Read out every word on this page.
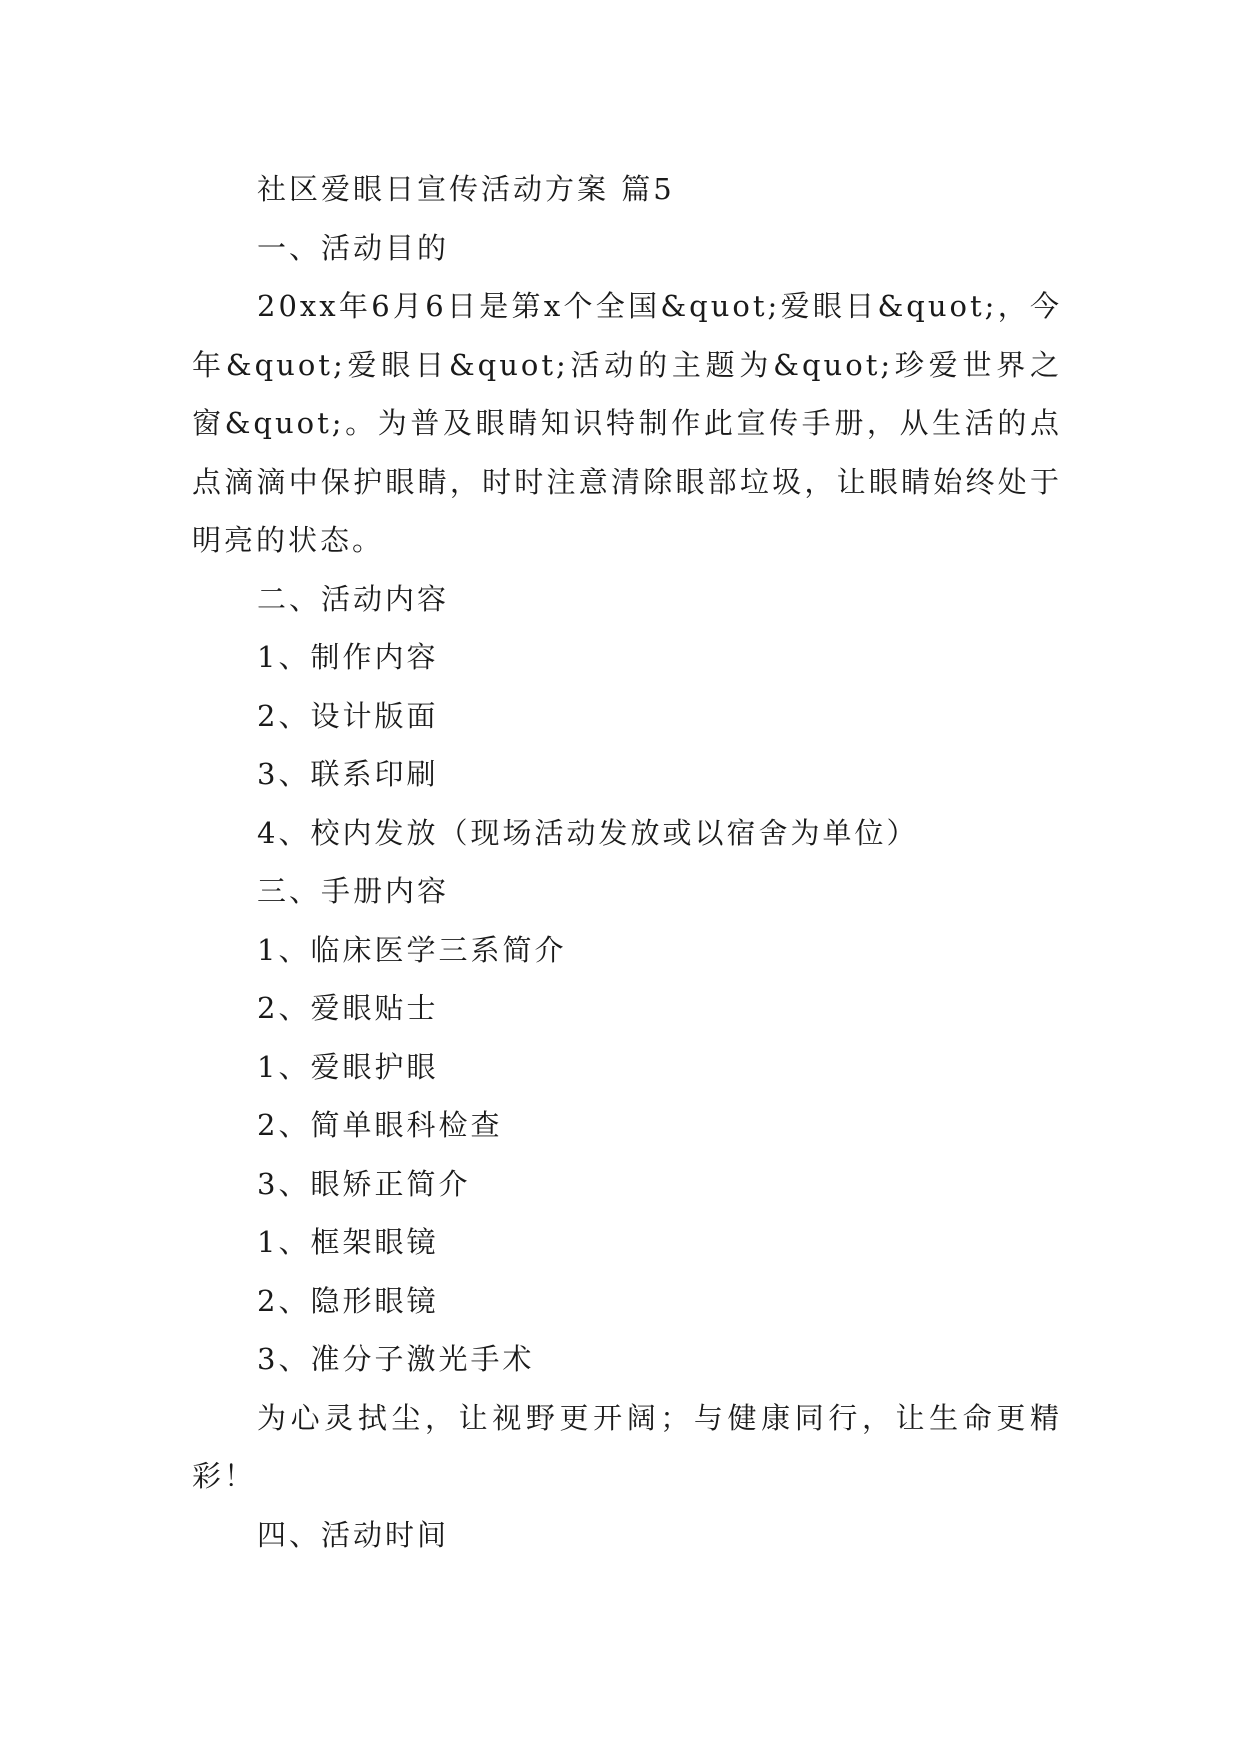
社区爱眼日宣传活动方案 篇5
一、活动目的

20xx年6月6日是第x个全国&quot;爱眼日&quot;，今年&quot;爱眼日&quot;活动的主题为&quot;珍爱世界之窗&quot;。为普及眼睛知识特制作此宣传手册，从生活的点点滴滴中保护眼睛，时时注意清除眼部垃圾，让眼睛始终处于明亮的状态。

二、活动内容
1、制作内容
2、设计版面
3、联系印刷
4、校内发放（现场活动发放或以宿舍为单位）
三、手册内容
1、临床医学三系简介
2、爱眼贴士
1、爱眼护眼
2、简单眼科检查
3、眼矫正简介
1、框架眼镜
2、隐形眼镜
3、准分子激光手术

为心灵拭尘，让视野更开阔；与健康同行，让生命更精彩！

四、活动时间
